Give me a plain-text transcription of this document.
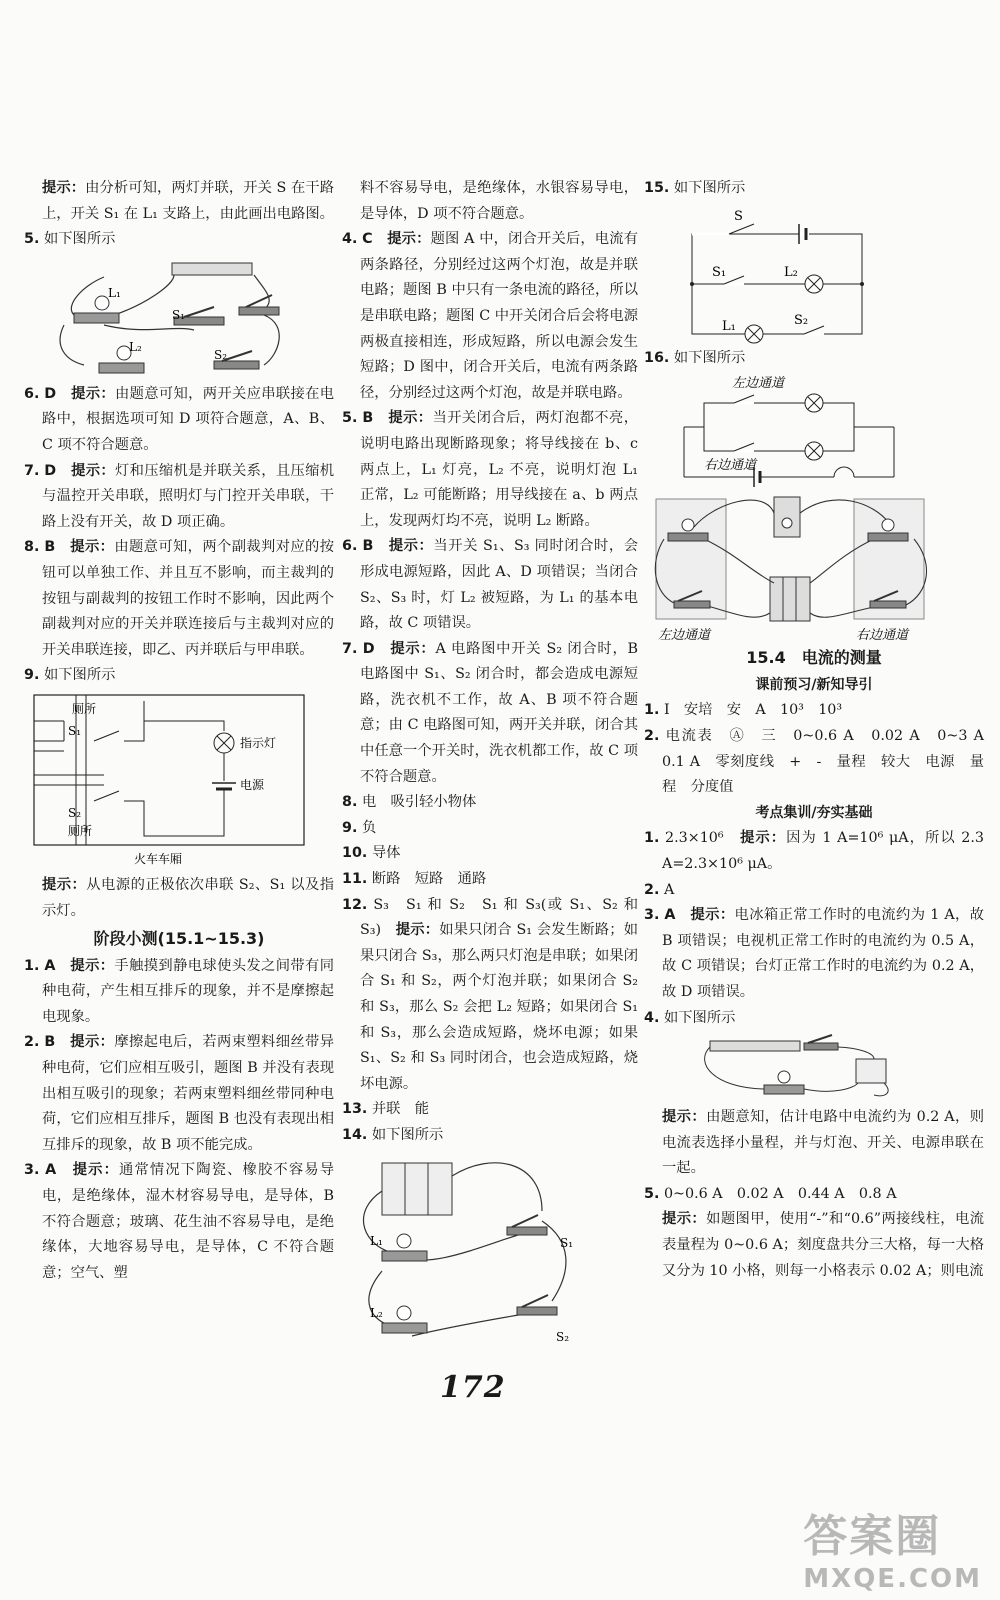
提示：由分析可知，两灯并联，开关 S 在干路上，开关 S₁ 在 L₁ 支路上，由此画出电路图。

5. 如下图所示

L₁
S₁
L₂
S₂

6. D　 提示：由题意可知，两开关应串联接在电路中，根据选项可知 D 项符合题意，A、B、C 项不符合题意。

7. D　 提示：灯和压缩机是并联关系，且压缩机与温控开关串联，照明灯与门控开关串联，干路上没有开关，故 D 项正确。

8. B　 提示：由题意可知，两个副裁判对应的按钮可以单独工作、并且互不影响，而主裁判的按钮与副裁判的按钮工作时不影响，因此两个副裁判对应的开关并联连接后与主裁判对应的开关串联连接，即乙、丙并联后与甲串联。

9. 如下图所示

厕所
S₁
指示灯
电源
S₂
厕所
火车车厢

提示：从电源的正极依次串联 S₂、S₁ 以及指示灯。

阶段小测(15.1~15.3)

1. A　 提示：手触摸到静电球使头发之间带有同种电荷，产生相互排斥的现象，并不是摩擦起电现象。

2. B　 提示：摩擦起电后，若两束塑料细丝带异种电荷，它们应相互吸引，题图 B 并没有表现出相互吸引的现象；若两束塑料细丝带同种电荷，它们应相互排斥，题图 B 也没有表现出相互排斥的现象，故 B 项不能完成。

3. A　 提示：通常情况下陶瓷、橡胶不容易导电，是绝缘体，湿木材容易导电，是导体，B 不符合题意；玻璃、花生油不容易导电，是绝缘体，大地容易导电，是导体，C 不符合题意；空气、塑

料不容易导电，是绝缘体，水银容易导电，是导体，D 项不符合题意。

4. C　 提示：题图 A 中，闭合开关后，电流有两条路径，分别经过这两个灯泡，故是并联电路；题图 B 中只有一条电流的路径，所以是串联电路；题图 C 中开关闭合后会将电源两极直接相连，形成短路，所以电源会发生短路；D 图中，闭合开关后，电流有两条路径，分别经过这两个灯泡，故是并联电路。

5. B　 提示：当开关闭合后，两灯泡都不亮，说明电路出现断路现象；将导线接在 b、c 两点上，L₁ 灯亮，L₂ 不亮，说明灯泡 L₁ 正常，L₂ 可能断路；用导线接在 a、b 两点上，发现两灯均不亮，说明 L₂ 断路。

6. B　 提示：当开关 S₁、S₃ 同时闭合时，会形成电源短路，因此 A、D 项错误；当闭合 S₂、S₃ 时，灯 L₂ 被短路，为 L₁ 的基本电路，故 C 项错误。

7. D　 提示：A 电路图中开关 S₂ 闭合时，B 电路图中 S₁、S₂ 闭合时，都会造成电源短路，洗衣机不工作，故 A、B 项不符合题意；由 C 电路图可知，两开关并联，闭合其中任意一个开关时，洗衣机都工作，故 C 项不符合题意。

8. 电　吸引轻小物体

9. 负

10. 导体

11. 断路　短路　通路

12. S₃　S₁ 和 S₂　S₁ 和 S₃(或 S₁、S₂ 和 S₃)　 提示：如果只闭合 S₁ 会发生断路；如果只闭合 S₃，那么两只灯泡是串联；如果闭合 S₁ 和 S₂，两个灯泡并联；如果闭合 S₂ 和 S₃，那么 S₂ 会把 L₂ 短路；如果闭合 S₁ 和 S₃，那么会造成短路，烧坏电源；如果 S₁、S₂ 和 S₃ 同时闭合，也会造成短路，烧坏电源。

13. 并联　能

14. 如下图所示

L₁	S₁
L₂
S₂

15. 如下图所示

S
S₁	L₂
L₁	S₂

16. 如下图所示

左边通道
右边通道
左边通道	右边通道

15.4　 电流的测量

课前预习/新知导引

1. I　安培　安　A　10³　10³

2. 电流表　Ⓐ　三　0~0.6 A　0.02 A　0~3 A　0.1 A　零刻度线　+　-　量程　较大　电源　量程　分度值

考点集训/夯实基础

1. 2.3×10⁶　 提示：因为 1 A=10⁶ μA，所以 2.3 A=2.3×10⁶ μA。

2. A

3. A　 提示：电冰箱正常工作时的电流约为 1 A，故 B 项错误；电视机正常工作时的电流约为 0.5 A，故 C 项错误；台灯正常工作时的电流约为 0.2 A，故 D 项错误。

4. 如下图所示

提示：由题意知，估计电路中电流约为 0.2 A，则电流表选择小量程，并与灯泡、开关、电源串联在一起。

5. 0~0.6 A　0.02 A　0.44 A　0.8 A

提示：如题图甲，使用“-”和“0.6”两接线柱，电流表量程为 0~0.6 A；刻度盘共分三大格，每一大格又分为 10 小格，则每一小格表示 0.02 A；则电流

172
答案圈
MXQE.COM
